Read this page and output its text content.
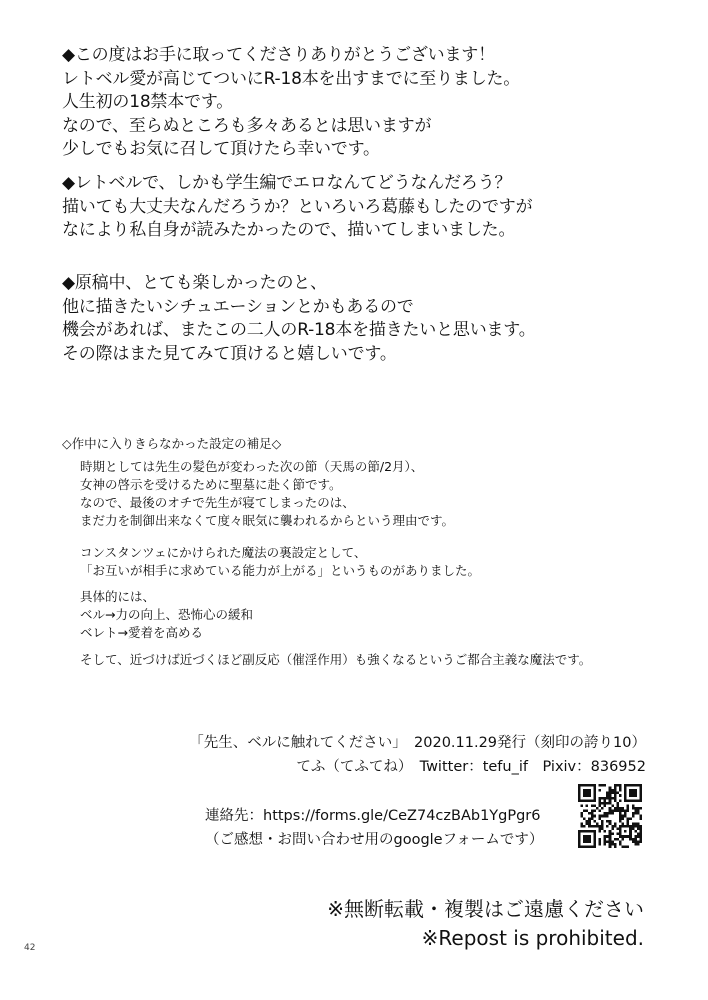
◆この度はお手に取ってくださりありがとうございます！
レトベル愛が高じてついにR-18本を出すまでに至りました。
人生初の18禁本です。
なので、至らぬところも多々あるとは思いますが
少しでもお気に召して頂けたら幸いです。
◆レトベルで、しかも学生編でエロなんてどうなんだろう？
描いても大丈夫なんだろうか？といろいろ葛藤もしたのですが
なにより私自身が読みたかったので、描いてしまいました。
◆原稿中、とても楽しかったのと、
他に描きたいシチュエーションとかもあるので
機会があれば、またこの二人のR-18本を描きたいと思います。
その際はまた見てみて頂けると嬉しいです。
◇作中に入りきらなかった設定の補足◇
時期としては先生の髪色が変わった次の節（天馬の節/2月）、
女神の啓示を受けるために聖墓に赴く節です。
なので、最後のオチで先生が寝てしまったのは、
まだ力を制御出来なくて度々眠気に襲われるからという理由です。
コンスタンツェにかけられた魔法の裏設定として、
「お互いが相手に求めている能力が上がる」というものがありました。
具体的には、
ベル→力の向上、恐怖心の緩和
ベレト→愛着を高める
そして、近づけば近づくほど副反応（催淫作用）も強くなるというご都合主義な魔法です。
「先生、ベルに触れてください」　2020.11.29発行（刻印の誇り10）
てふ（てふてね）　Twitter：tefu_if　Pixiv：836952
連絡先：https://forms.gle/CeZ74czBAb1YgPgr6
（ご感想・お問い合わせ用のgoogleフォームです）
※無断転載・複製はご遠慮ください
※Repost is prohibited.
42
